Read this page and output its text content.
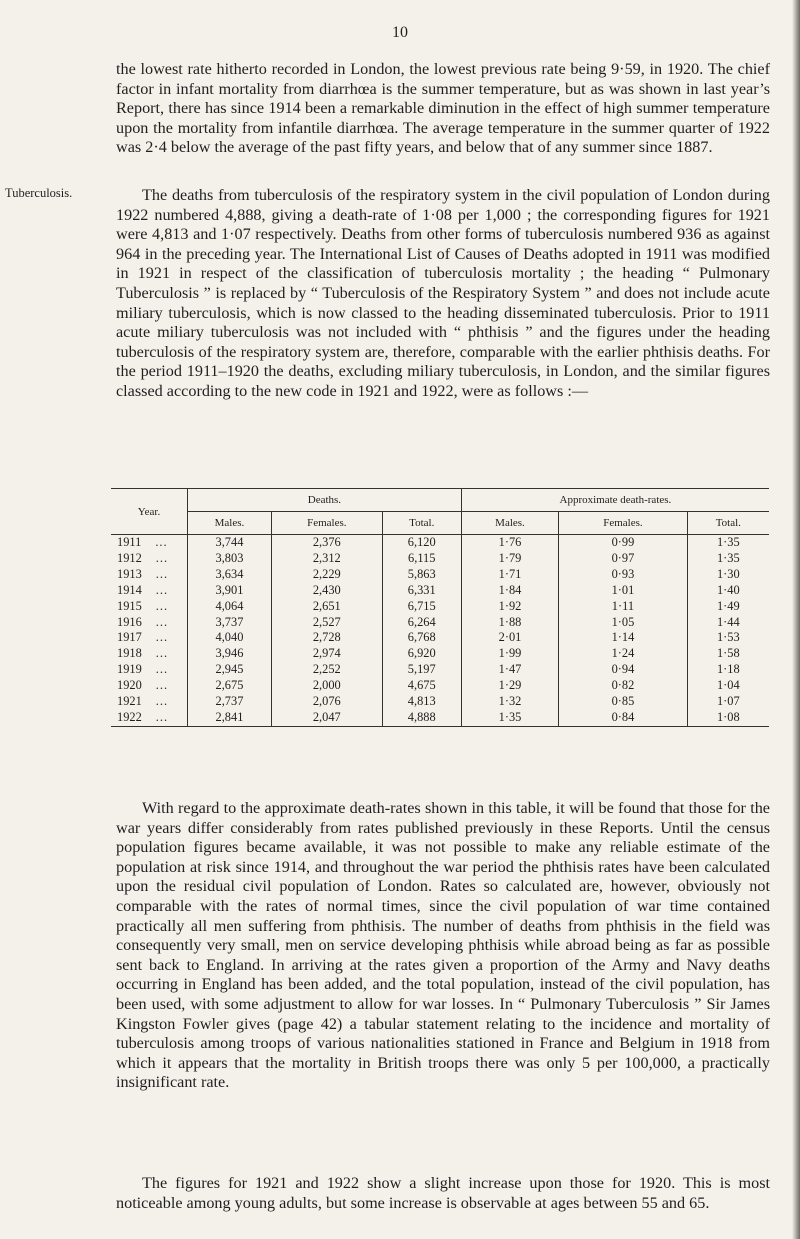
10

the lowest rate hitherto recorded in London, the lowest previous rate being 9·59, in 1920. The chief factor in infant mortality from diarrhœa is the summer temperature, but as was shown in last year’s Report, there has since 1914 been a remarkable diminution in the effect of high summer temperature upon the mortality from infantile diarrhœa. The average temperature in the summer quarter of 1922 was 2·4 below the average of the past fifty years, and below that of any summer since 1887.

Tuberculosis.	The deaths from tuberculosis of the respiratory system in the civil population of London during 1922 numbered 4,888, giving a death-rate of 1·08 per 1,000 ; the corresponding figures for 1921 were 4,813 and 1·07 respectively. Deaths from other forms of tuberculosis numbered 936 as against 964 in the preceding year. The International List of Causes of Deaths adopted in 1911 was modified in 1921 in respect of the classification of tuberculosis mortality ; the heading “ Pulmonary Tuberculosis ” is replaced by “ Tuberculosis of the Respiratory System ” and does not include acute miliary tuberculosis, which is now classed to the heading disseminated tuberculosis. Prior to 1911 acute miliary tuberculosis was not included with “ phthisis ” and the figures under the heading tuberculosis of the respiratory system are, therefore, comparable with the earlier phthisis deaths. For the period 1911–1920 the deaths, excluding miliary tuberculosis, in London, and the similar figures classed according to the new code in 1921 and 1922, were as follows :—

Year.	Deaths.			Approximate death-rates.		
	Males.	Females.	Total.	Males.	Females.	Total.
1911 ...	3,744	2,376	6,120	1·76	0·99	1·35
1912 ...	3,803	2,312	6,115	1·79	0·97	1·35
1913 ...	3,634	2,229	5,863	1·71	0·93	1·30
1914 ...	3,901	2,430	6,331	1·84	1·01	1·40
1915 ...	4,064	2,651	6,715	1·92	1·11	1·49
1916 ...	3,737	2,527	6,264	1·88	1·05	1·44
1917 ...	4,040	2,728	6,768	2·01	1·14	1·53
1918 ...	3,946	2,974	6,920	1·99	1·24	1·58
1919 ...	2,945	2,252	5,197	1·47	0·94	1·18
1920 ...	2,675	2,000	4,675	1·29	0·82	1·04
1921 ...	2,737	2,076	4,813	1·32	0·85	1·07
1922 ...	2,841	2,047	4,888	1·35	0·84	1·08

With regard to the approximate death-rates shown in this table, it will be found that those for the war years differ considerably from rates published previously in these Reports. Until the census population figures became available, it was not possible to make any reliable estimate of the population at risk since 1914, and throughout the war period the phthisis rates have been calculated upon the residual civil population of London. Rates so calculated are, however, obviously not comparable with the rates of normal times, since the civil population of war time contained practically all men suffering from phthisis. The number of deaths from phthisis in the field was consequently very small, men on service developing phthisis while abroad being as far as possible sent back to England. In arriving at the rates given a proportion of the Army and Navy deaths occurring in England has been added, and the total population, instead of the civil population, has been used, with some adjustment to allow for war losses. In “ Pulmonary Tuberculosis ” Sir James Kingston Fowler gives (page 42) a tabular statement relating to the incidence and mortality of tuberculosis among troops of various nationalities stationed in France and Belgium in 1918 from which it appears that the mortality in British troops there was only 5 per 100,000, a practically insignificant rate.

The figures for 1921 and 1922 show a slight increase upon those for 1920. This is most noticeable among young adults, but some increase is observable at ages between 55 and 65.
